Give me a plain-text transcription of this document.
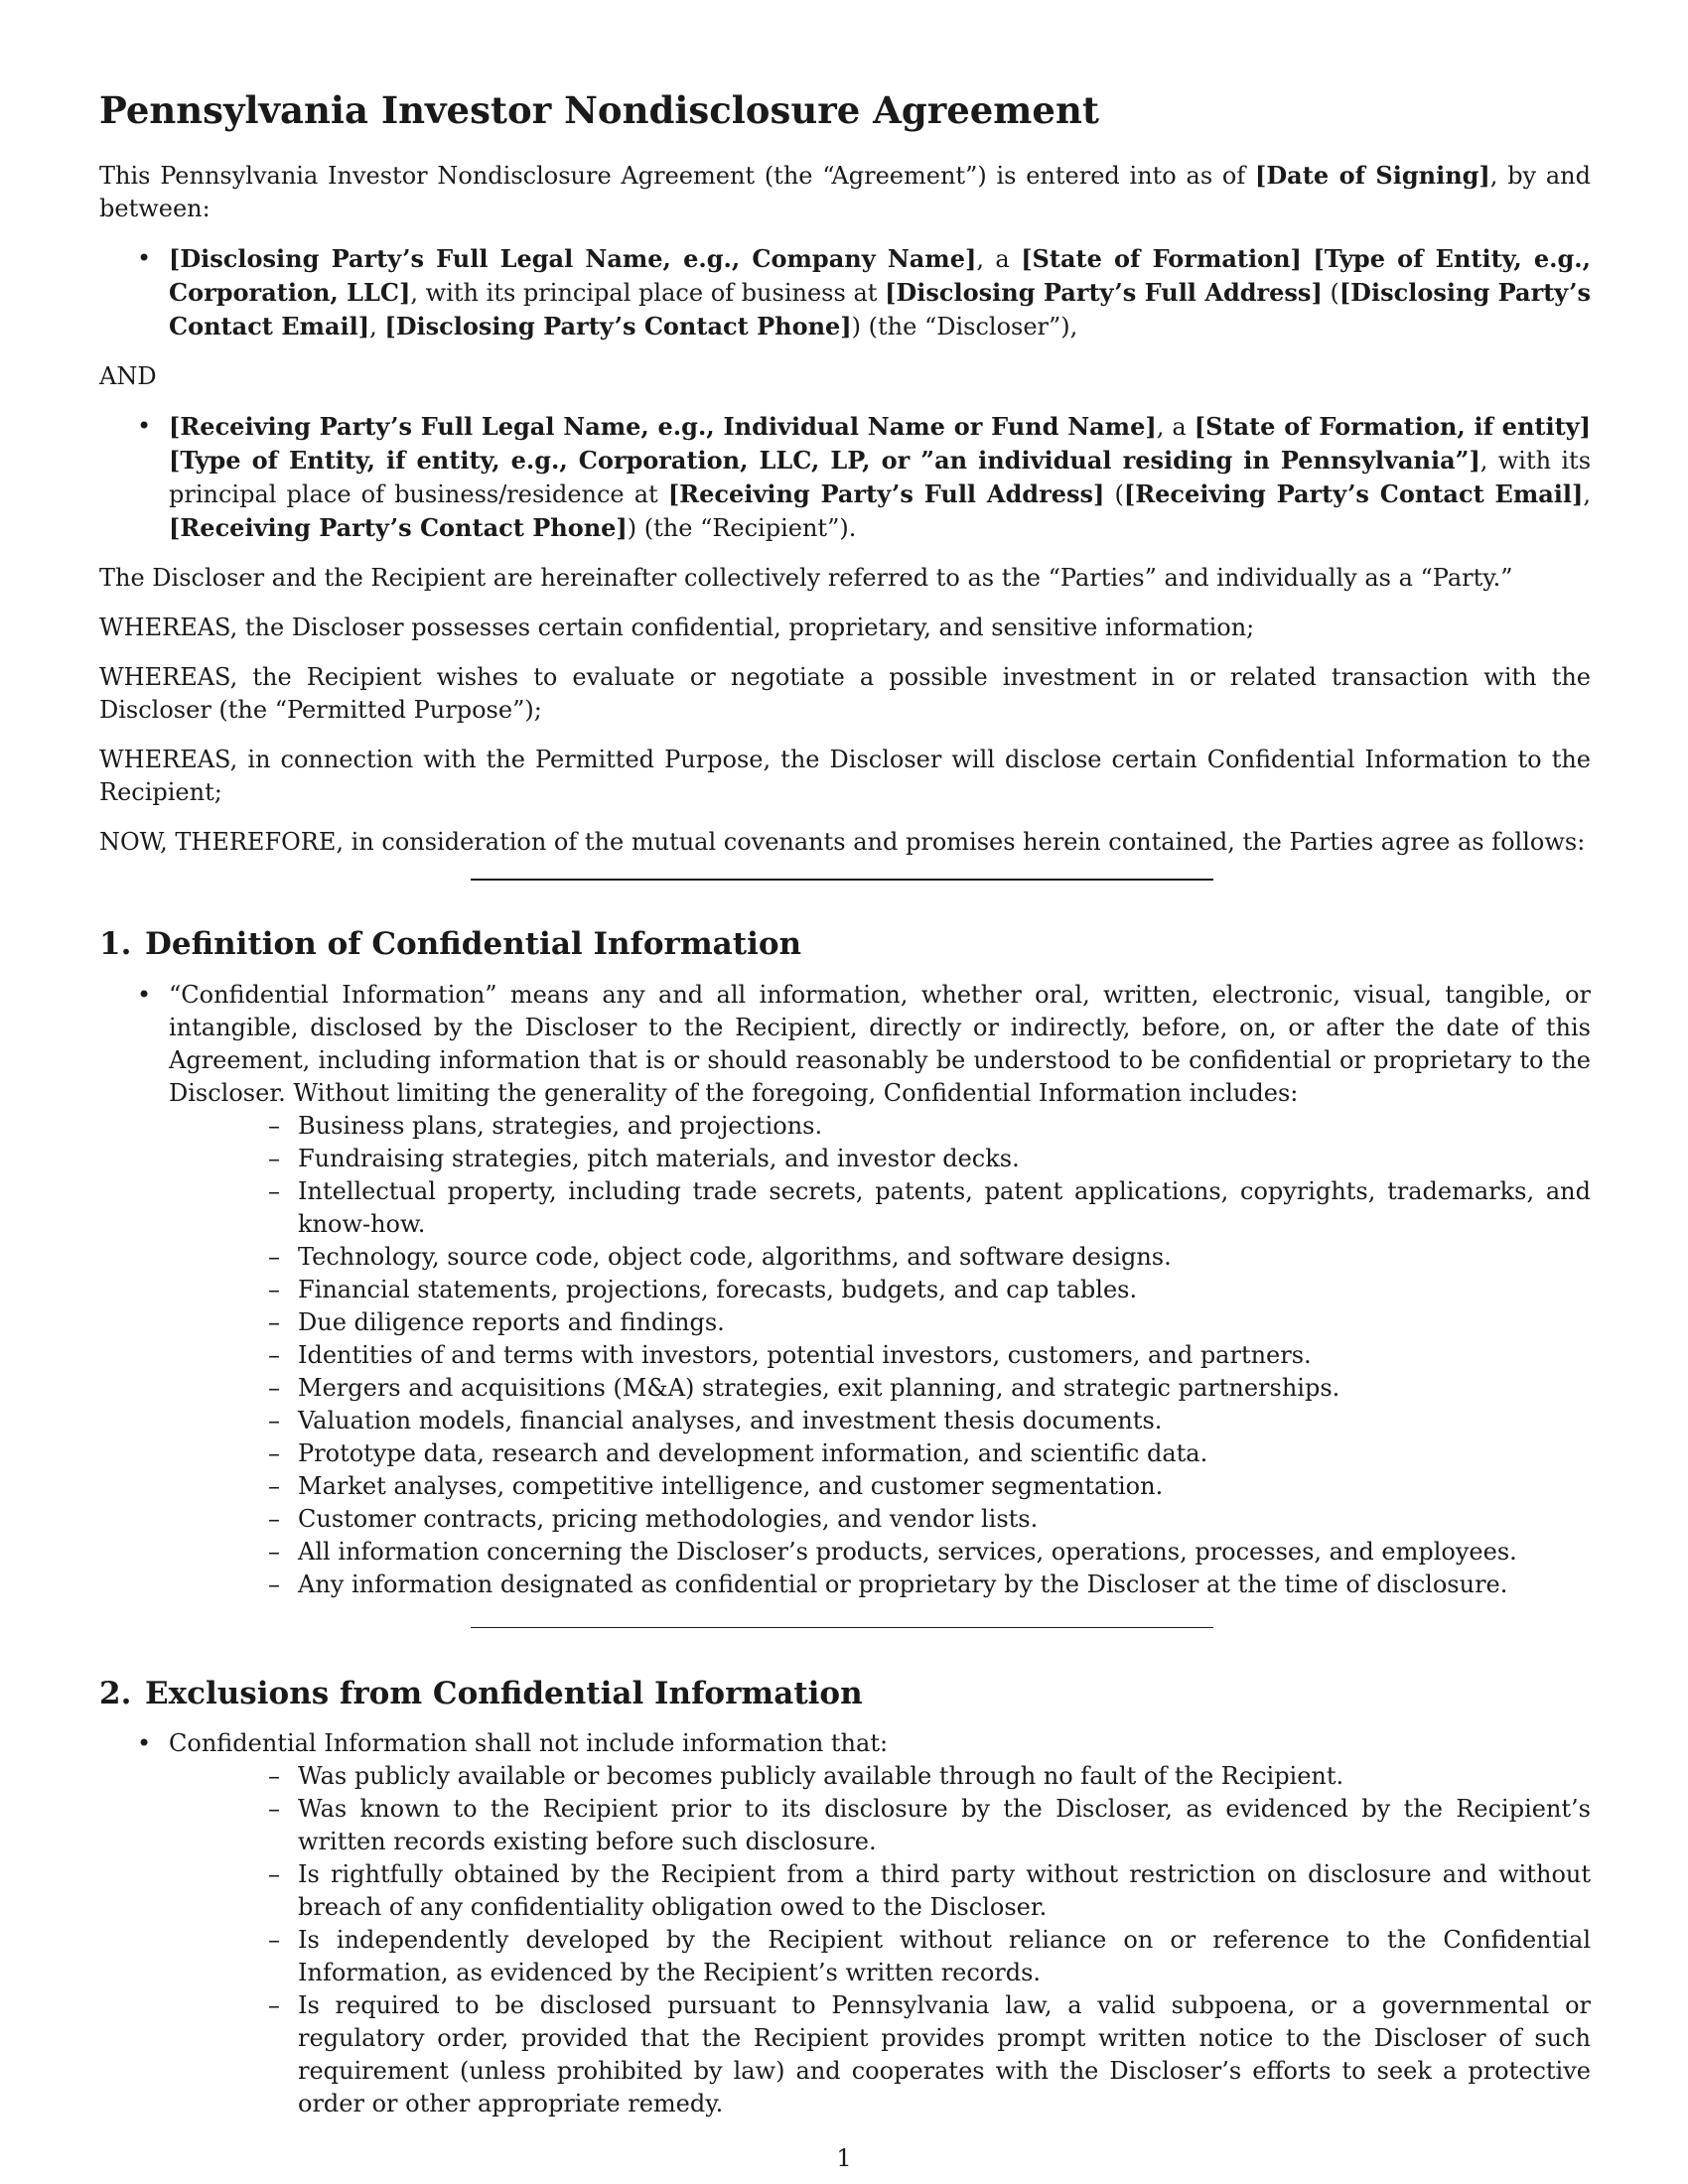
Pennsylvania Investor Nondisclosure Agreement

This Pennsylvania Investor Nondisclosure Agreement (the “Agreement”) is entered into as of [Date of Signing], by and between:

• [Disclosing Party’s Full Legal Name, e.g., Company Name], a [State of Formation] [Type of Entity, e.g., Corporation, LLC], with its principal place of business at [Disclosing Party’s Full Address] ([Disclosing Party’s Contact Email], [Disclosing Party’s Contact Phone]) (the “Discloser”),
AND
• [Receiving Party’s Full Legal Name, e.g., Individual Name or Fund Name], a [State of Formation, if entity] [Type of Entity, if entity, e.g., Corporation, LLC, LP, or ”an individual residing in Pennsylvania”], with its principal place of business/residence at [Receiving Party’s Full Address] ([Receiving Party’s Contact Email], [Receiving Party’s Contact Phone]) (the “Recipient”).

The Discloser and the Recipient are hereinafter collectively referred to as the “Parties” and individually as a “Party.”

WHEREAS, the Discloser possesses certain confidential, proprietary, and sensitive information;

WHEREAS, the Recipient wishes to evaluate or negotiate a possible investment in or related transaction with the Discloser (the “Permitted Purpose”);

WHEREAS, in connection with the Permitted Purpose, the Discloser will disclose certain Confidential Information to the Recipient;

NOW, THEREFORE, in consideration of the mutual covenants and promises herein contained, the Parties agree as follows:

1. Definition of Confidential Information
• “Confidential Information” means any and all information, whether oral, written, electronic, visual, tangible, or intangible, disclosed by the Discloser to the Recipient, directly or indirectly, before, on, or after the date of this Agreement, including information that is or should reasonably be understood to be confidential or proprietary to the Discloser. Without limiting the generality of the foregoing, Confidential Information includes:
– Business plans, strategies, and projections.
– Fundraising strategies, pitch materials, and investor decks.
– Intellectual property, including trade secrets, patents, patent applications, copyrights, trademarks, and know-how.
– Technology, source code, object code, algorithms, and software designs.
– Financial statements, projections, forecasts, budgets, and cap tables.
– Due diligence reports and findings.
– Identities of and terms with investors, potential investors, customers, and partners.
– Mergers and acquisitions (M&A) strategies, exit planning, and strategic partnerships.
– Valuation models, financial analyses, and investment thesis documents.
– Prototype data, research and development information, and scientific data.
– Market analyses, competitive intelligence, and customer segmentation.
– Customer contracts, pricing methodologies, and vendor lists.
– All information concerning the Discloser’s products, services, operations, processes, and employees.
– Any information designated as confidential or proprietary by the Discloser at the time of disclosure.
2. Exclusions from Confidential Information
• Confidential Information shall not include information that:
– Was publicly available or becomes publicly available through no fault of the Recipient.
– Was known to the Recipient prior to its disclosure by the Discloser, as evidenced by the Recipient’s written records existing before such disclosure.
– Is rightfully obtained by the Recipient from a third party without restriction on disclosure and without breach of any confidentiality obligation owed to the Discloser.
– Is independently developed by the Recipient without reliance on or reference to the Confidential Information, as evidenced by the Recipient’s written records.
– Is required to be disclosed pursuant to Pennsylvania law, a valid subpoena, or a governmental or regulatory order, provided that the Recipient provides prompt written notice to the Discloser of such requirement (unless prohibited by law) and cooperates with the Discloser’s efforts to seek a protective order or other appropriate remedy.
1
